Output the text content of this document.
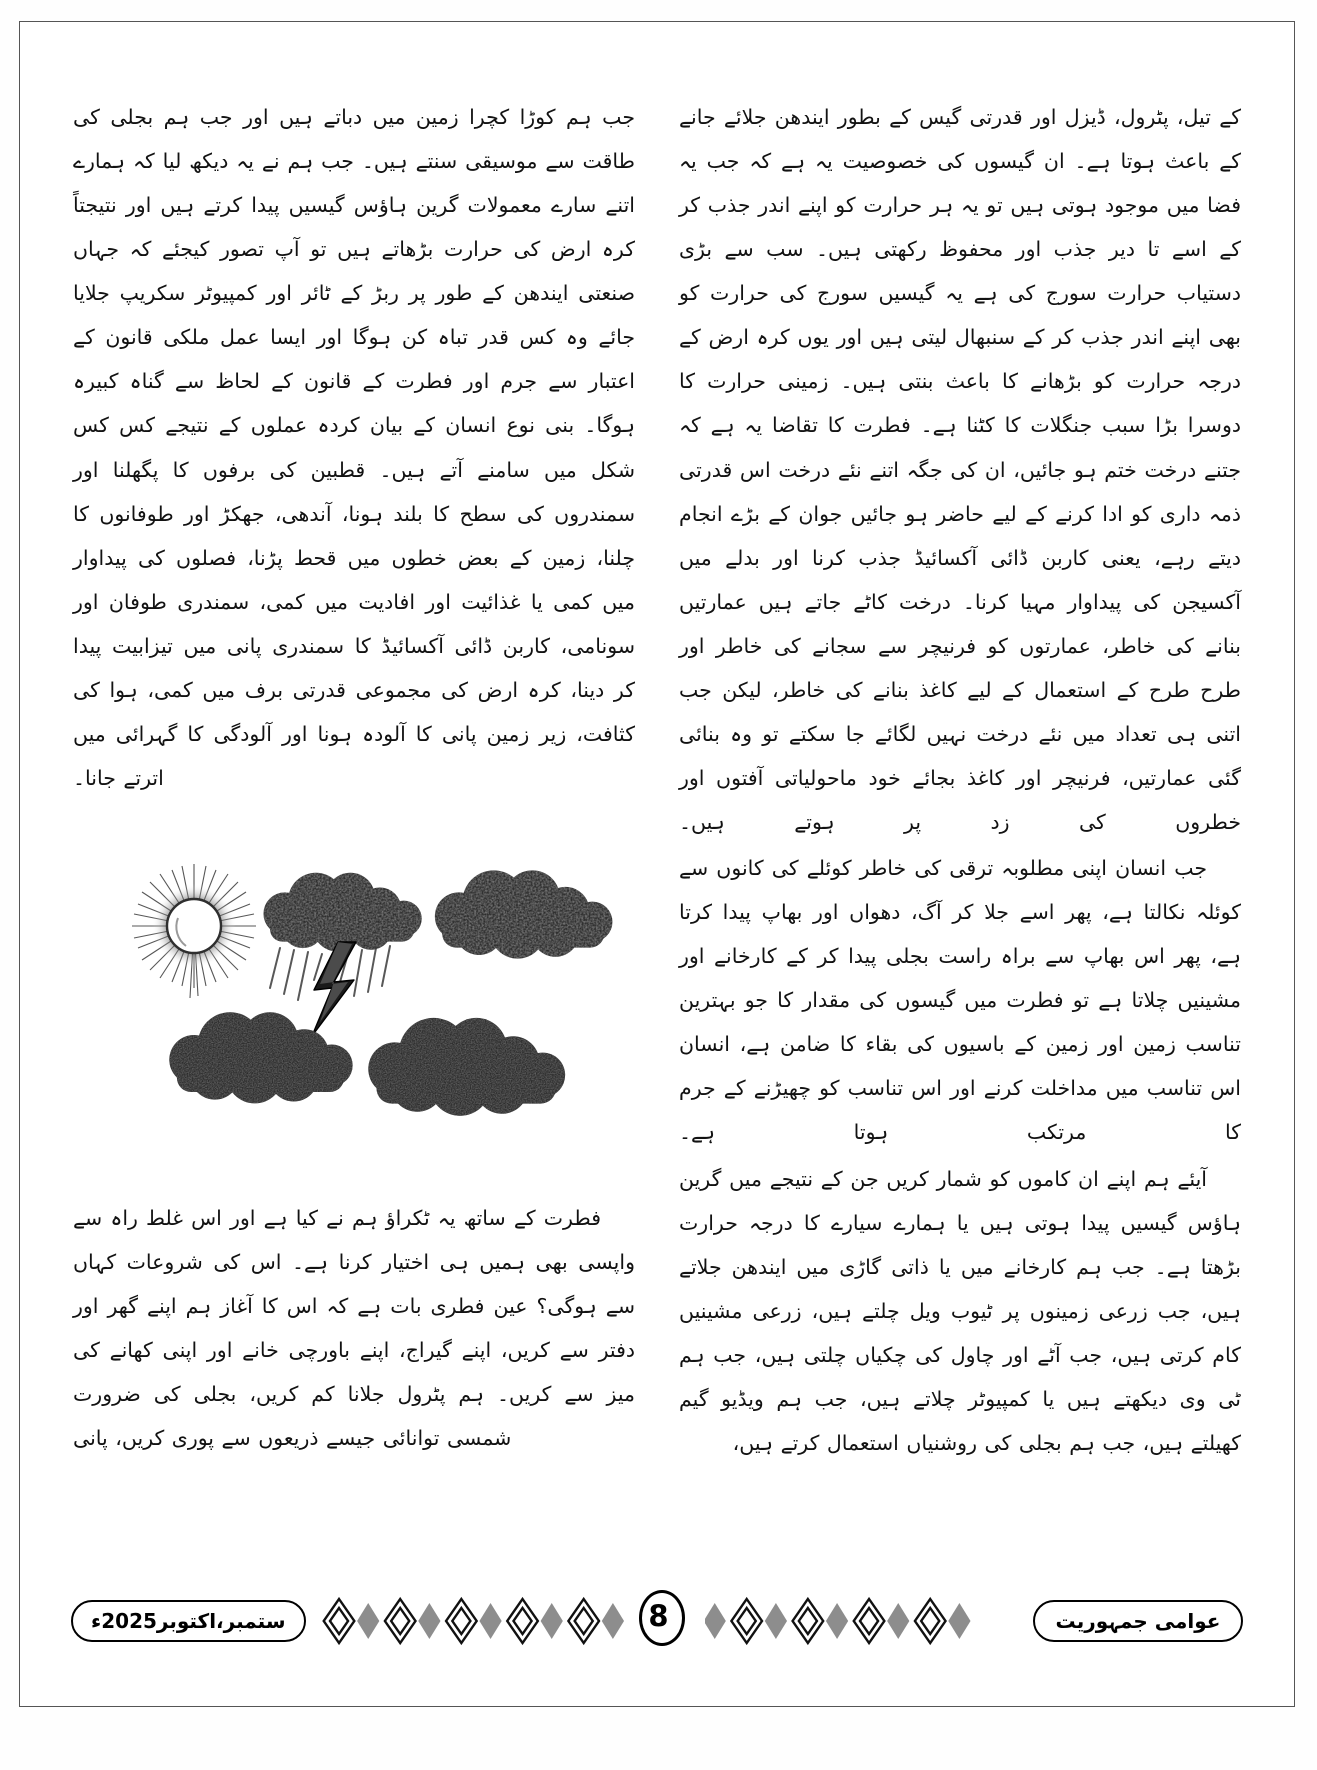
کے تیل، پٹرول، ڈیزل اور قدرتی گیس کے بطور ایندھن جلائے جانے کے باعث ہوتا ہے۔ ان گیسوں کی خصوصیت یہ ہے کہ جب یہ فضا میں موجود ہوتی ہیں تو یہ ہر حرارت کو اپنے اندر جذب کر کے اسے تا دیر جذب اور محفوظ رکھتی ہیں۔ سب سے بڑی دستیاب حرارت سورج کی ہے یہ گیسیں سورج کی حرارت کو بھی اپنے اندر جذب کر کے سنبھال لیتی ہیں اور یوں کرہ ارض کے درجہ حرارت کو بڑھانے کا باعث بنتی ہیں۔ زمینی حرارت کا دوسرا بڑا سبب جنگلات کا کٹنا ہے۔ فطرت کا تقاضا یہ ہے کہ جتنے درخت ختم ہو جائیں، ان کی جگہ اتنے نئے درخت اس قدرتی ذمہ داری کو ادا کرنے کے لیے حاضر ہو جائیں جوان کے بڑے انجام دیتے رہے، یعنی کاربن ڈائی آکسائیڈ جذب کرنا اور بدلے میں آکسیجن کی پیداوار مہیا کرنا۔ درخت کاٹے جاتے ہیں عمارتیں بنانے کی خاطر، عمارتوں کو فرنیچر سے سجانے کی خاطر اور طرح طرح کے استعمال کے لیے کاغذ بنانے کی خاطر، لیکن جب اتنی ہی تعداد میں نئے درخت نہیں لگائے جا سکتے تو وہ بنائی گئی عمارتیں، فرنیچر اور کاغذ بجائے خود ماحولیاتی آفتوں اور خطروں کی زد پر ہوتے ہیں۔

جب انسان اپنی مطلوبہ ترقی کی خاطر کوئلے کی کانوں سے کوئلہ نکالتا ہے، پھر اسے جلا کر آگ، دھواں اور بھاپ پیدا کرتا ہے، پھر اس بھاپ سے براہ راست بجلی پیدا کر کے کارخانے اور مشینیں چلاتا ہے تو فطرت میں گیسوں کی مقدار کا جو بہترین تناسب زمین اور زمین کے باسیوں کی بقاء کا ضامن ہے، انسان اس تناسب میں مداخلت کرنے اور اس تناسب کو چھیڑنے کے جرم کا مرتکب ہوتا ہے۔

آیئے ہم اپنے ان کاموں کو شمار کریں جن کے نتیجے میں گرین ہاؤس گیسیں پیدا ہوتی ہیں یا ہمارے سیارے کا درجہ حرارت بڑھتا ہے۔ جب ہم کارخانے میں یا ذاتی گاڑی میں ایندھن جلاتے ہیں، جب زرعی زمینوں پر ٹیوب ویل چلتے ہیں، زرعی مشینیں کام کرتی ہیں، جب آٹے اور چاول کی چکیاں چلتی ہیں، جب ہم ٹی وی دیکھتے ہیں یا کمپیوٹر چلاتے ہیں، جب ہم ویڈیو گیم کھیلتے ہیں، جب ہم بجلی کی روشنیاں استعمال کرتے ہیں،

جب ہم کوڑا کچرا زمین میں دباتے ہیں اور جب ہم بجلی کی طاقت سے موسیقی سنتے ہیں۔ جب ہم نے یہ دیکھ لیا کہ ہمارے اتنے سارے معمولات گرین ہاؤس گیسیں پیدا کرتے ہیں اور نتیجتاً کرہ ارض کی حرارت بڑھاتے ہیں تو آپ تصور کیجئے کہ جہاں صنعتی ایندھن کے طور پر ربڑ کے ٹائر اور کمپیوٹر سکریپ جلایا جائے وہ کس قدر تباہ کن ہوگا اور ایسا عمل ملکی قانون کے اعتبار سے جرم اور فطرت کے قانون کے لحاظ سے گناہ کبیرہ ہوگا۔ بنی نوع انسان کے بیان کردہ عملوں کے نتیجے کس کس شکل میں سامنے آتے ہیں۔ قطبین کی برفوں کا پگھلنا اور سمندروں کی سطح کا بلند ہونا، آندھی، جھکڑ اور طوفانوں کا چلنا، زمین کے بعض خطوں میں قحط پڑنا، فصلوں کی پیداوار میں کمی یا غذائیت اور افادیت میں کمی، سمندری طوفان اور سونامی، کاربن ڈائی آکسائیڈ کا سمندری پانی میں تیزابیت پیدا کر دینا، کرہ ارض کی مجموعی قدرتی برف میں کمی، ہوا کی کثافت، زیر زمین پانی کا آلودہ ہونا اور آلودگی کا گہرائی میں اترتے جانا۔

فطرت کے ساتھ یہ ٹکراؤ ہم نے کیا ہے اور اس غلط راہ سے واپسی بھی ہمیں ہی اختیار کرنا ہے۔ اس کی شروعات کہاں سے ہوگی؟ عین فطری بات ہے کہ اس کا آغاز ہم اپنے گھر اور دفتر سے کریں، اپنے گیراج، اپنے باورچی خانے اور اپنی کھانے کی میز سے کریں۔ ہم پٹرول جلانا کم کریں، بجلی کی ضرورت شمسی توانائی جیسے ذریعوں سے پوری کریں، پانی

ستمبر،اکتوبر2025ء	عوامی جمہوریت
8
